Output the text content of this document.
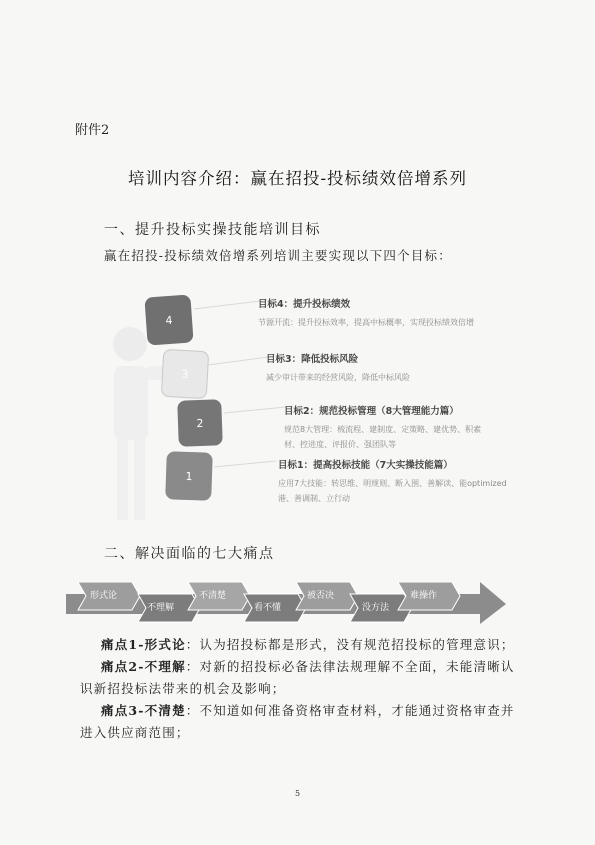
附件2
培训内容介绍：赢在招投-投标绩效倍增系列
一、提升投标实操技能培训目标
赢在招投-投标绩效倍增系列培训主要实现以下四个目标：
4
3
2
1
目标4：提升投标绩效
节源开流：提升投标效率，提高中标概率，实现投标绩效倍增
目标3：降低投标风险
减少审计带来的经营风险，降低中标风险
目标2：规范投标管理（8大管理能力篇）
规范8大管理：梳流程、建制度、定策略、建优势、积素
材、控进度、评报价、强团队等
目标1：提高投标技能（7大实操技能篇）
应用7大技能：转思维、明规则、断入围、善解读、能optimized
港、善调制、立行动
二、解决面临的七大痛点
形式论
不理解
不清楚
看不懂
被否决
没方法
难操作
痛点1-形式论：认为招投标都是形式，没有规范招投标的管理意识；
痛点2-不理解：对新的招投标必备法律法规理解不全面，未能清晰认识新招投标法带来的机会及影响；
痛点3-不清楚：不知道如何准备资格审查材料，才能通过资格审查并进入供应商范围；
5
